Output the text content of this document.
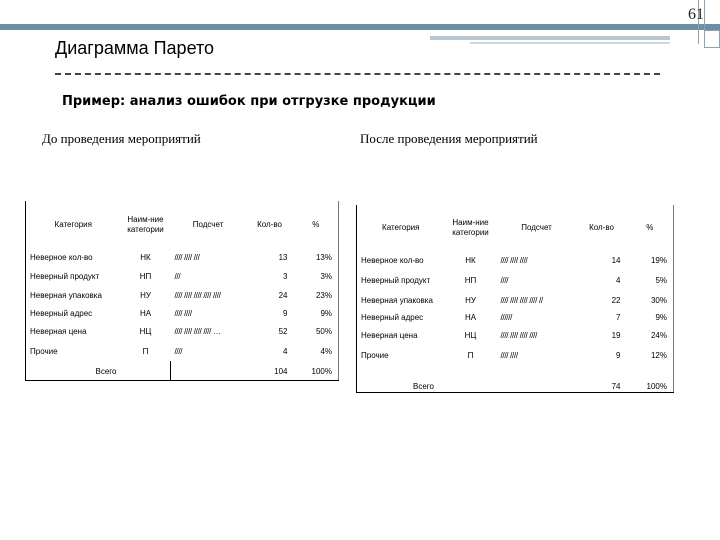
61
Диаграмма Парето
Пример: анализ ошибок при отгрузке продукции
До проведения мероприятий	После проведения мероприятий
Категория	Наим-ние категории	Подсчет	Кол-во	%
Неверное кол-во	НК	//// //// ///	13	13%
Неверный продукт	НП	///	3	3%
Неверная упаковка	НУ	//// //// //// //// ////	24	23%
Неверный адрес	НА	//// ////	9	9%
Неверная цена	НЦ	//// //// //// //// …	52	50%
Прочие	П	////	4	4%
Всего			104	100%
Категория	Наим-ние категории	Подсчет	Кол-во	%
Неверное кол-во	НК	//// //// ////	14	19%
Неверный продукт	НП	////	4	5%
Неверная упаковка	НУ	//// //// //// //// //	22	30%
Неверный адрес	НА	//////	7	9%
Неверная цена	НЦ	//// //// //// ////	19	24%
Прочие	П	//// ////	9	12%
Всего			74	100%
